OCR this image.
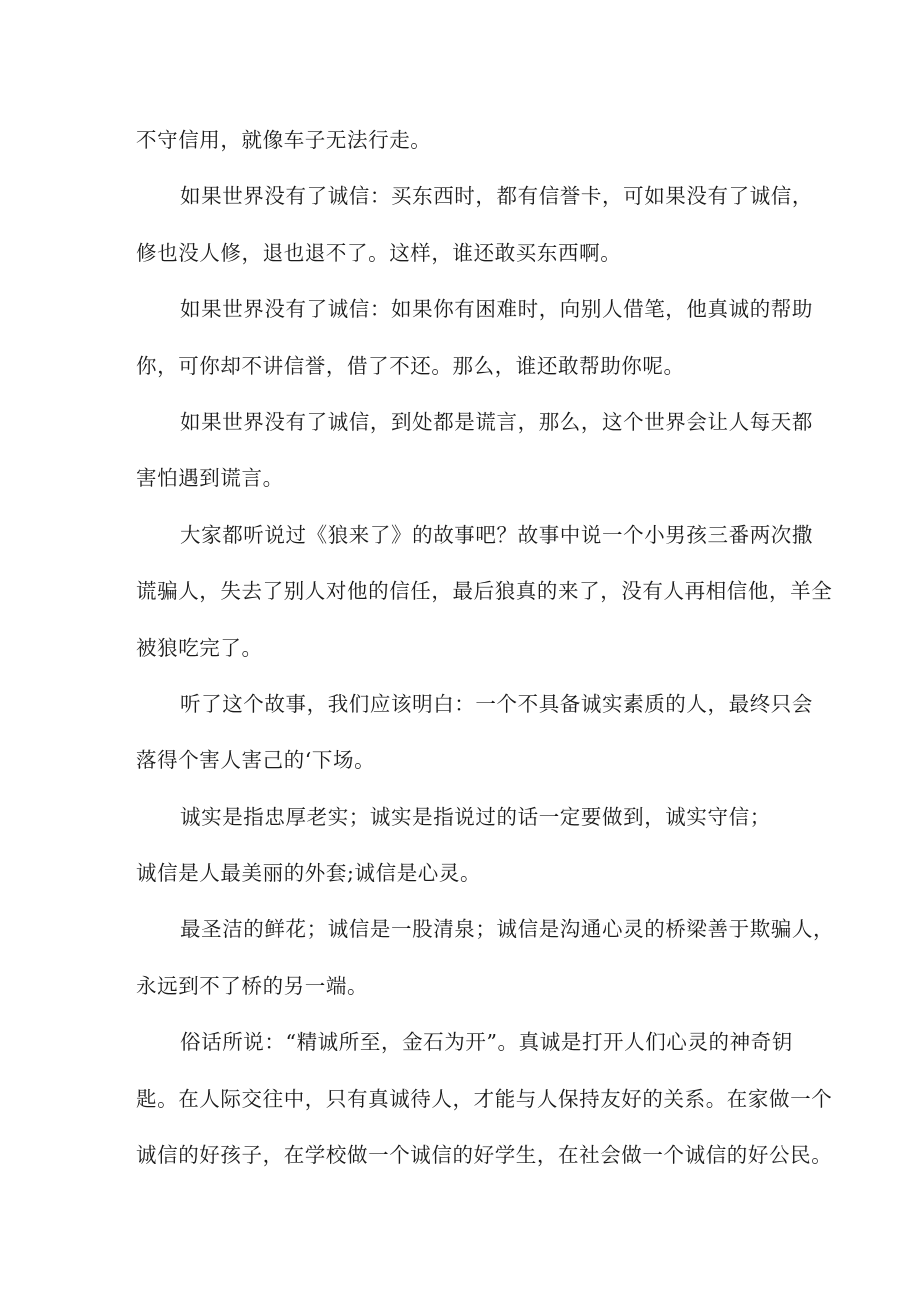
不守信用，就像车子无法行走。
如果世界没有了诚信：买东西时，都有信誉卡，可如果没有了诚信，
修也没人修，退也退不了。这样，谁还敢买东西啊。
如果世界没有了诚信：如果你有困难时，向别人借笔，他真诚的帮助
你，可你却不讲信誉，借了不还。那么，谁还敢帮助你呢。
如果世界没有了诚信，到处都是谎言，那么，这个世界会让人每天都
害怕遇到谎言。
大家都听说过《狼来了》的故事吧？故事中说一个小男孩三番两次撒
谎骗人，失去了别人对他的信任，最后狼真的来了，没有人再相信他，羊全
被狼吃完了。
听了这个故事，我们应该明白：一个不具备诚实素质的人，最终只会
落得个害人害己的‘下场。
诚实是指忠厚老实；诚实是指说过的话一定要做到，诚实守信；
诚信是人最美丽的外套;诚信是心灵。
最圣洁的鲜花；诚信是一股清泉；诚信是沟通心灵的桥梁善于欺骗人，
永远到不了桥的另一端。
俗话所说：“精诚所至，金石为开”。真诚是打开人们心灵的神奇钥
匙。在人际交往中，只有真诚待人，才能与人保持友好的关系。在家做一个
诚信的好孩子，在学校做一个诚信的好学生，在社会做一个诚信的好公民。
